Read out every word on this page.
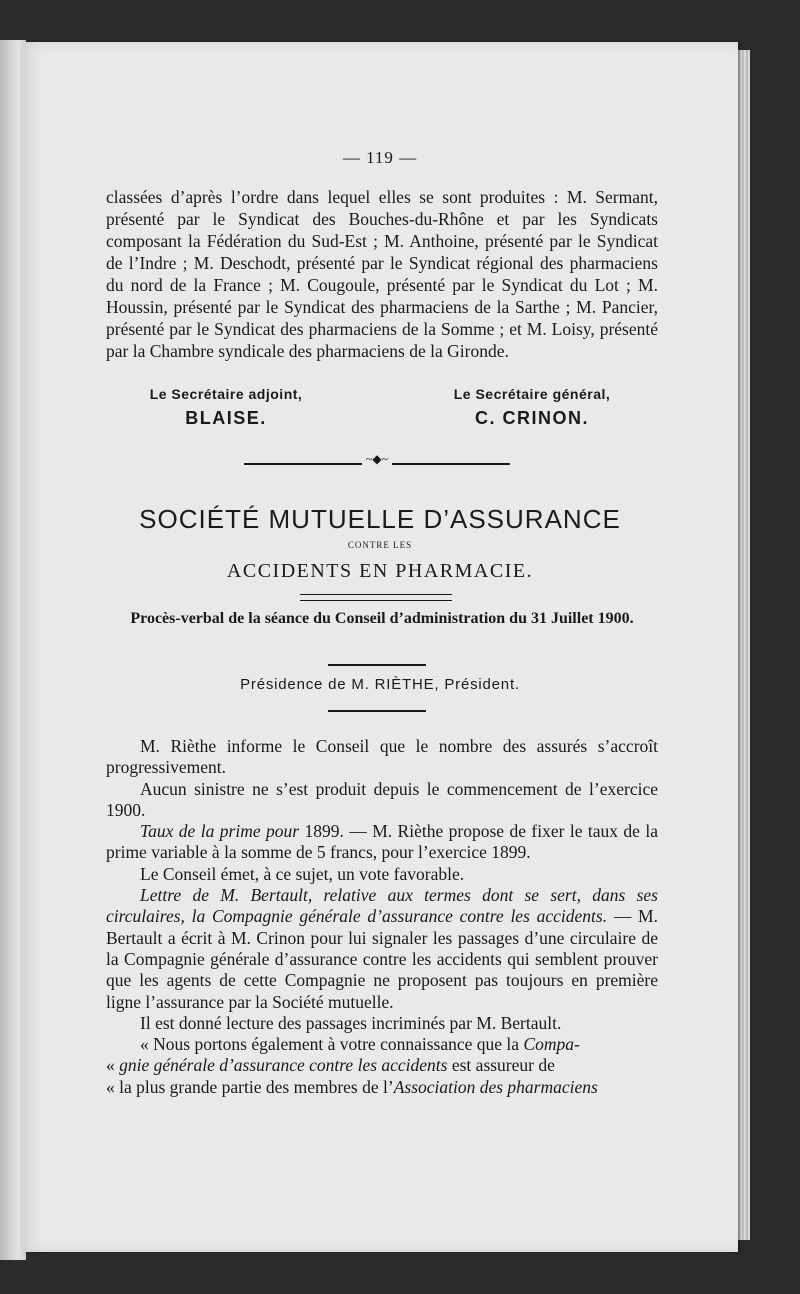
— 119 —
classées d’après l’ordre dans lequel elles se sont produites : M. Sermant, présenté par le Syndicat des Bouches-du-Rhône et par les Syndicats composant la Fédération du Sud-Est ; M. Anthoine, présenté par le Syndicat de l’Indre ; M. Deschodt, présenté par le Syndicat régional des pharmaciens du nord de la France ; M. Cougoule, présenté par le Syndicat du Lot ; M. Houssin, présenté par le Syndicat des pharmaciens de la Sarthe ; M. Pancier, présenté par le Syndicat des pharmaciens de la Somme ; et M. Loisy, présenté par la Chambre syndicale des pharmaciens de la Gironde.
Le Secrétaire adjoint,
BLAISE.
Le Secrétaire général,
C. CRINON.
~◆~
SOCIÉTÉ MUTUELLE D’ASSURANCE
CONTRE LES
ACCIDENTS EN PHARMACIE.
Procès-verbal de la séance du Conseil d’administration du 31 Juillet 1900.
Présidence de M. RIÈTHE, Président.

M. Rièthe informe le Conseil que le nombre des assurés s’accroît progressivement.

Aucun sinistre ne s’est produit depuis le commencement de l’exercice 1900.

Taux de la prime pour 1899. — M. Rièthe propose de fixer le taux de la prime variable à la somme de 5 francs, pour l’exercice 1899.

Le Conseil émet, à ce sujet, un vote favorable.

Lettre de M. Bertault, relative aux termes dont se sert, dans ses circulaires, la Compagnie générale d’assurance contre les accidents. — M. Bertault a écrit à M. Crinon pour lui signaler les passages d’une circulaire de la Compagnie générale d’assurance contre les accidents qui semblent prouver que les agents de cette Compagnie ne proposent pas toujours en première ligne l’assurance par la Société mutuelle.

Il est donné lecture des passages incriminés par M. Bertault.

« Nous portons également à votre connaissance que la Compa-

« gnie générale d’assurance contre les accidents est assureur de

« la plus grande partie des membres de l’Association des pharmaciens
